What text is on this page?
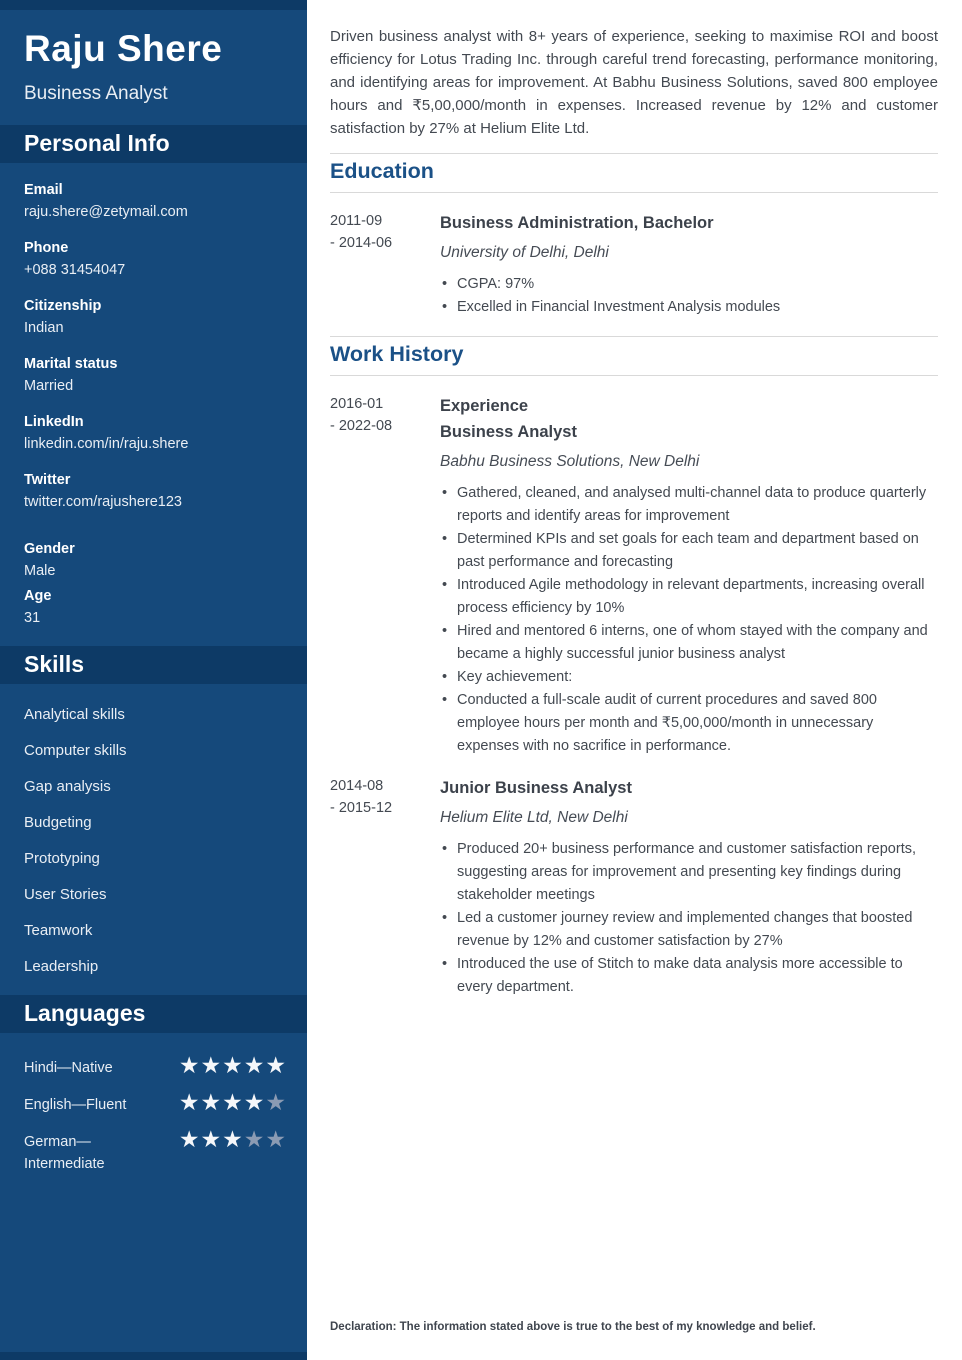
Raju Shere
Business Analyst
Personal Info
Email
raju.shere@zetymail.com
Phone
+088 31454047
Citizenship
Indian
Marital status
Married
LinkedIn
linkedin.com/in/raju.shere
Twitter
twitter.com/rajushere123
Gender
Male
Age
31
Skills
Analytical skills
Computer skills
Gap analysis
Budgeting
Prototyping
User Stories
Teamwork
Leadership
Languages
Hindi—Native	★★★★★
English—Fluent	★★★★★
German—Intermediate
★★★★★

Driven business analyst with 8+ years of experience, seeking to maximise ROI and boost efficiency for Lotus Trading Inc. through careful trend forecasting, performance monitoring, and identifying areas for improvement. At Babhu Business Solutions, saved 800 employee hours and ₹5,00,000/month in expenses. Increased revenue by 12% and customer satisfaction by 27% at Helium Elite Ltd.

Education
2011-09
- 2014-06
Business Administration, Bachelor
University of Delhi, Delhi
• CGPA: 97%
• Excelled in Financial Investment Analysis modules
Work History
2016-01
- 2022-08
Experience
Business Analyst
Babhu Business Solutions, New Delhi
• Gathered, cleaned, and analysed multi-channel data to produce quarterly reports and identify areas for improvement
• Determined KPIs and set goals for each team and department based on past performance and forecasting
• Introduced Agile methodology in relevant departments, increasing overall process efficiency by 10%
• Hired and mentored 6 interns, one of whom stayed with the company and became a highly successful junior business analyst
• Key achievement:
• Conducted a full-scale audit of current procedures and saved 800 employee hours per month and ₹5,00,000/month in unnecessary expenses with no sacrifice in performance.
2014-08
- 2015-12
Junior Business Analyst
Helium Elite Ltd, New Delhi
• Produced 20+ business performance and customer satisfaction reports, suggesting areas for improvement and presenting key findings during stakeholder meetings
• Led a customer journey review and implemented changes that boosted revenue by 12% and customer satisfaction by 27%
• Introduced the use of Stitch to make data analysis more accessible to every department.
Declaration: The information stated above is true to the best of my knowledge and belief.
